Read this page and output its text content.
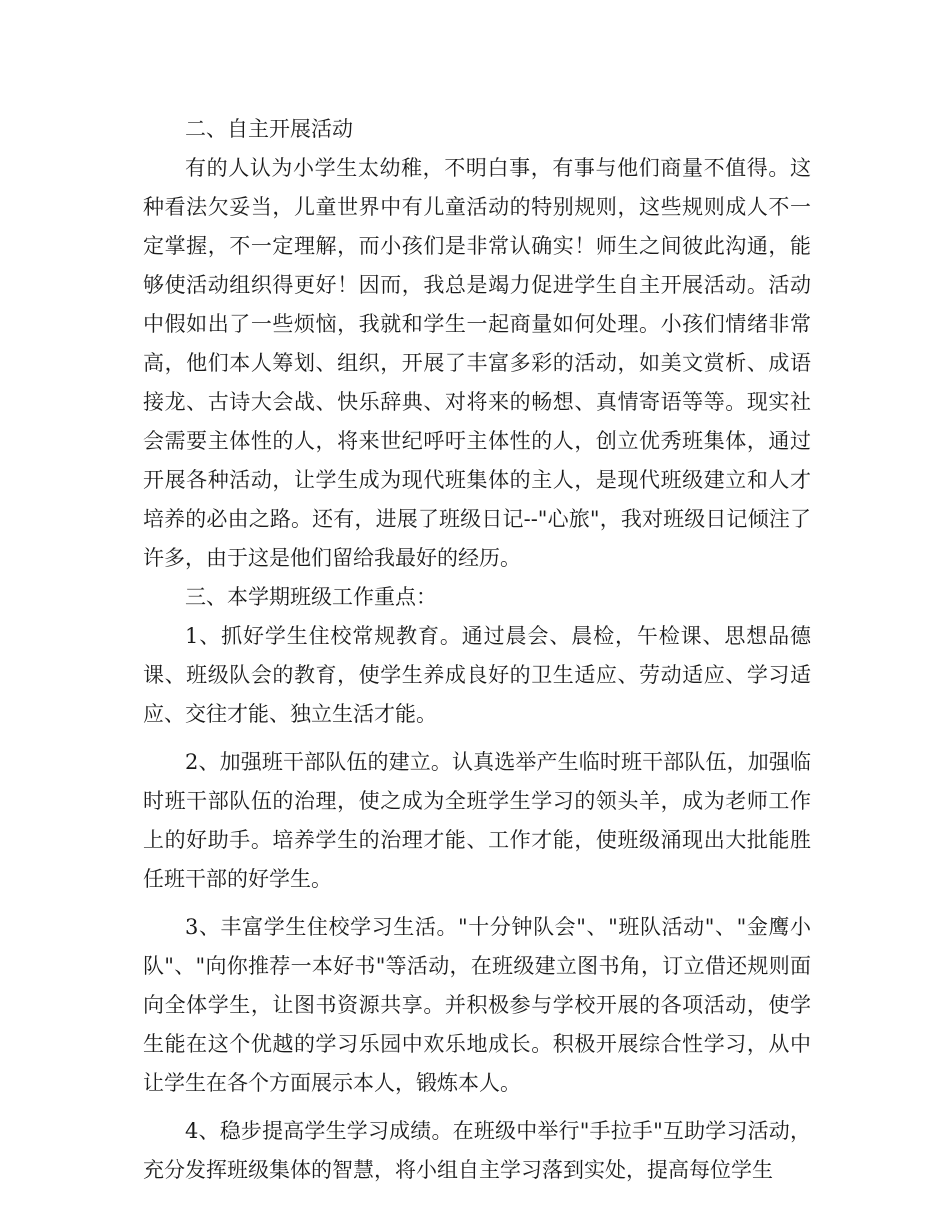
二、自主开展活动

有的人认为小学生太幼稚，不明白事，有事与他们商量不值得。这种看法欠妥当，儿童世界中有儿童活动的特别规则，这些规则成人不一定掌握，不一定理解，而小孩们是非常认确实！师生之间彼此沟通，能够使活动组织得更好！因而，我总是竭力促进学生自主开展活动。活动中假如出了一些烦恼，我就和学生一起商量如何处理。小孩们情绪非常高，他们本人筹划、组织，开展了丰富多彩的活动，如美文赏析、成语接龙、古诗大会战、快乐辞典、对将来的畅想、真情寄语等等。现实社会需要主体性的人，将来世纪呼吁主体性的人，创立优秀班集体，通过开展各种活动，让学生成为现代班集体的主人，是现代班级建立和人才培养的必由之路。还有，进展了班级日记--"心旅"，我对班级日记倾注了许多，由于这是他们留给我最好的经历。

三、本学期班级工作重点：

1、抓好学生住校常规教育。通过晨会、晨检，午检课、思想品德课、班级队会的教育，使学生养成良好的卫生适应、劳动适应、学习适应、交往才能、独立生活才能。

2、加强班干部队伍的建立。认真选举产生临时班干部队伍，加强临时班干部队伍的治理，使之成为全班学生学习的领头羊，成为老师工作上的好助手。培养学生的治理才能、工作才能，使班级涌现出大批能胜任班干部的好学生。

3、丰富学生住校学习生活。"十分钟队会"、"班队活动"、"金鹰小队"、"向你推荐一本好书"等活动，在班级建立图书角，订立借还规则面向全体学生，让图书资源共享。并积极参与学校开展的各项活动，使学生能在这个优越的学习乐园中欢乐地成长。积极开展综合性学习，从中让学生在各个方面展示本人，锻炼本人。

4、稳步提高学生学习成绩。在班级中举行"手拉手"互助学习活动，充分发挥班级集体的智慧，将小组自主学习落到实处，提高每位学生
